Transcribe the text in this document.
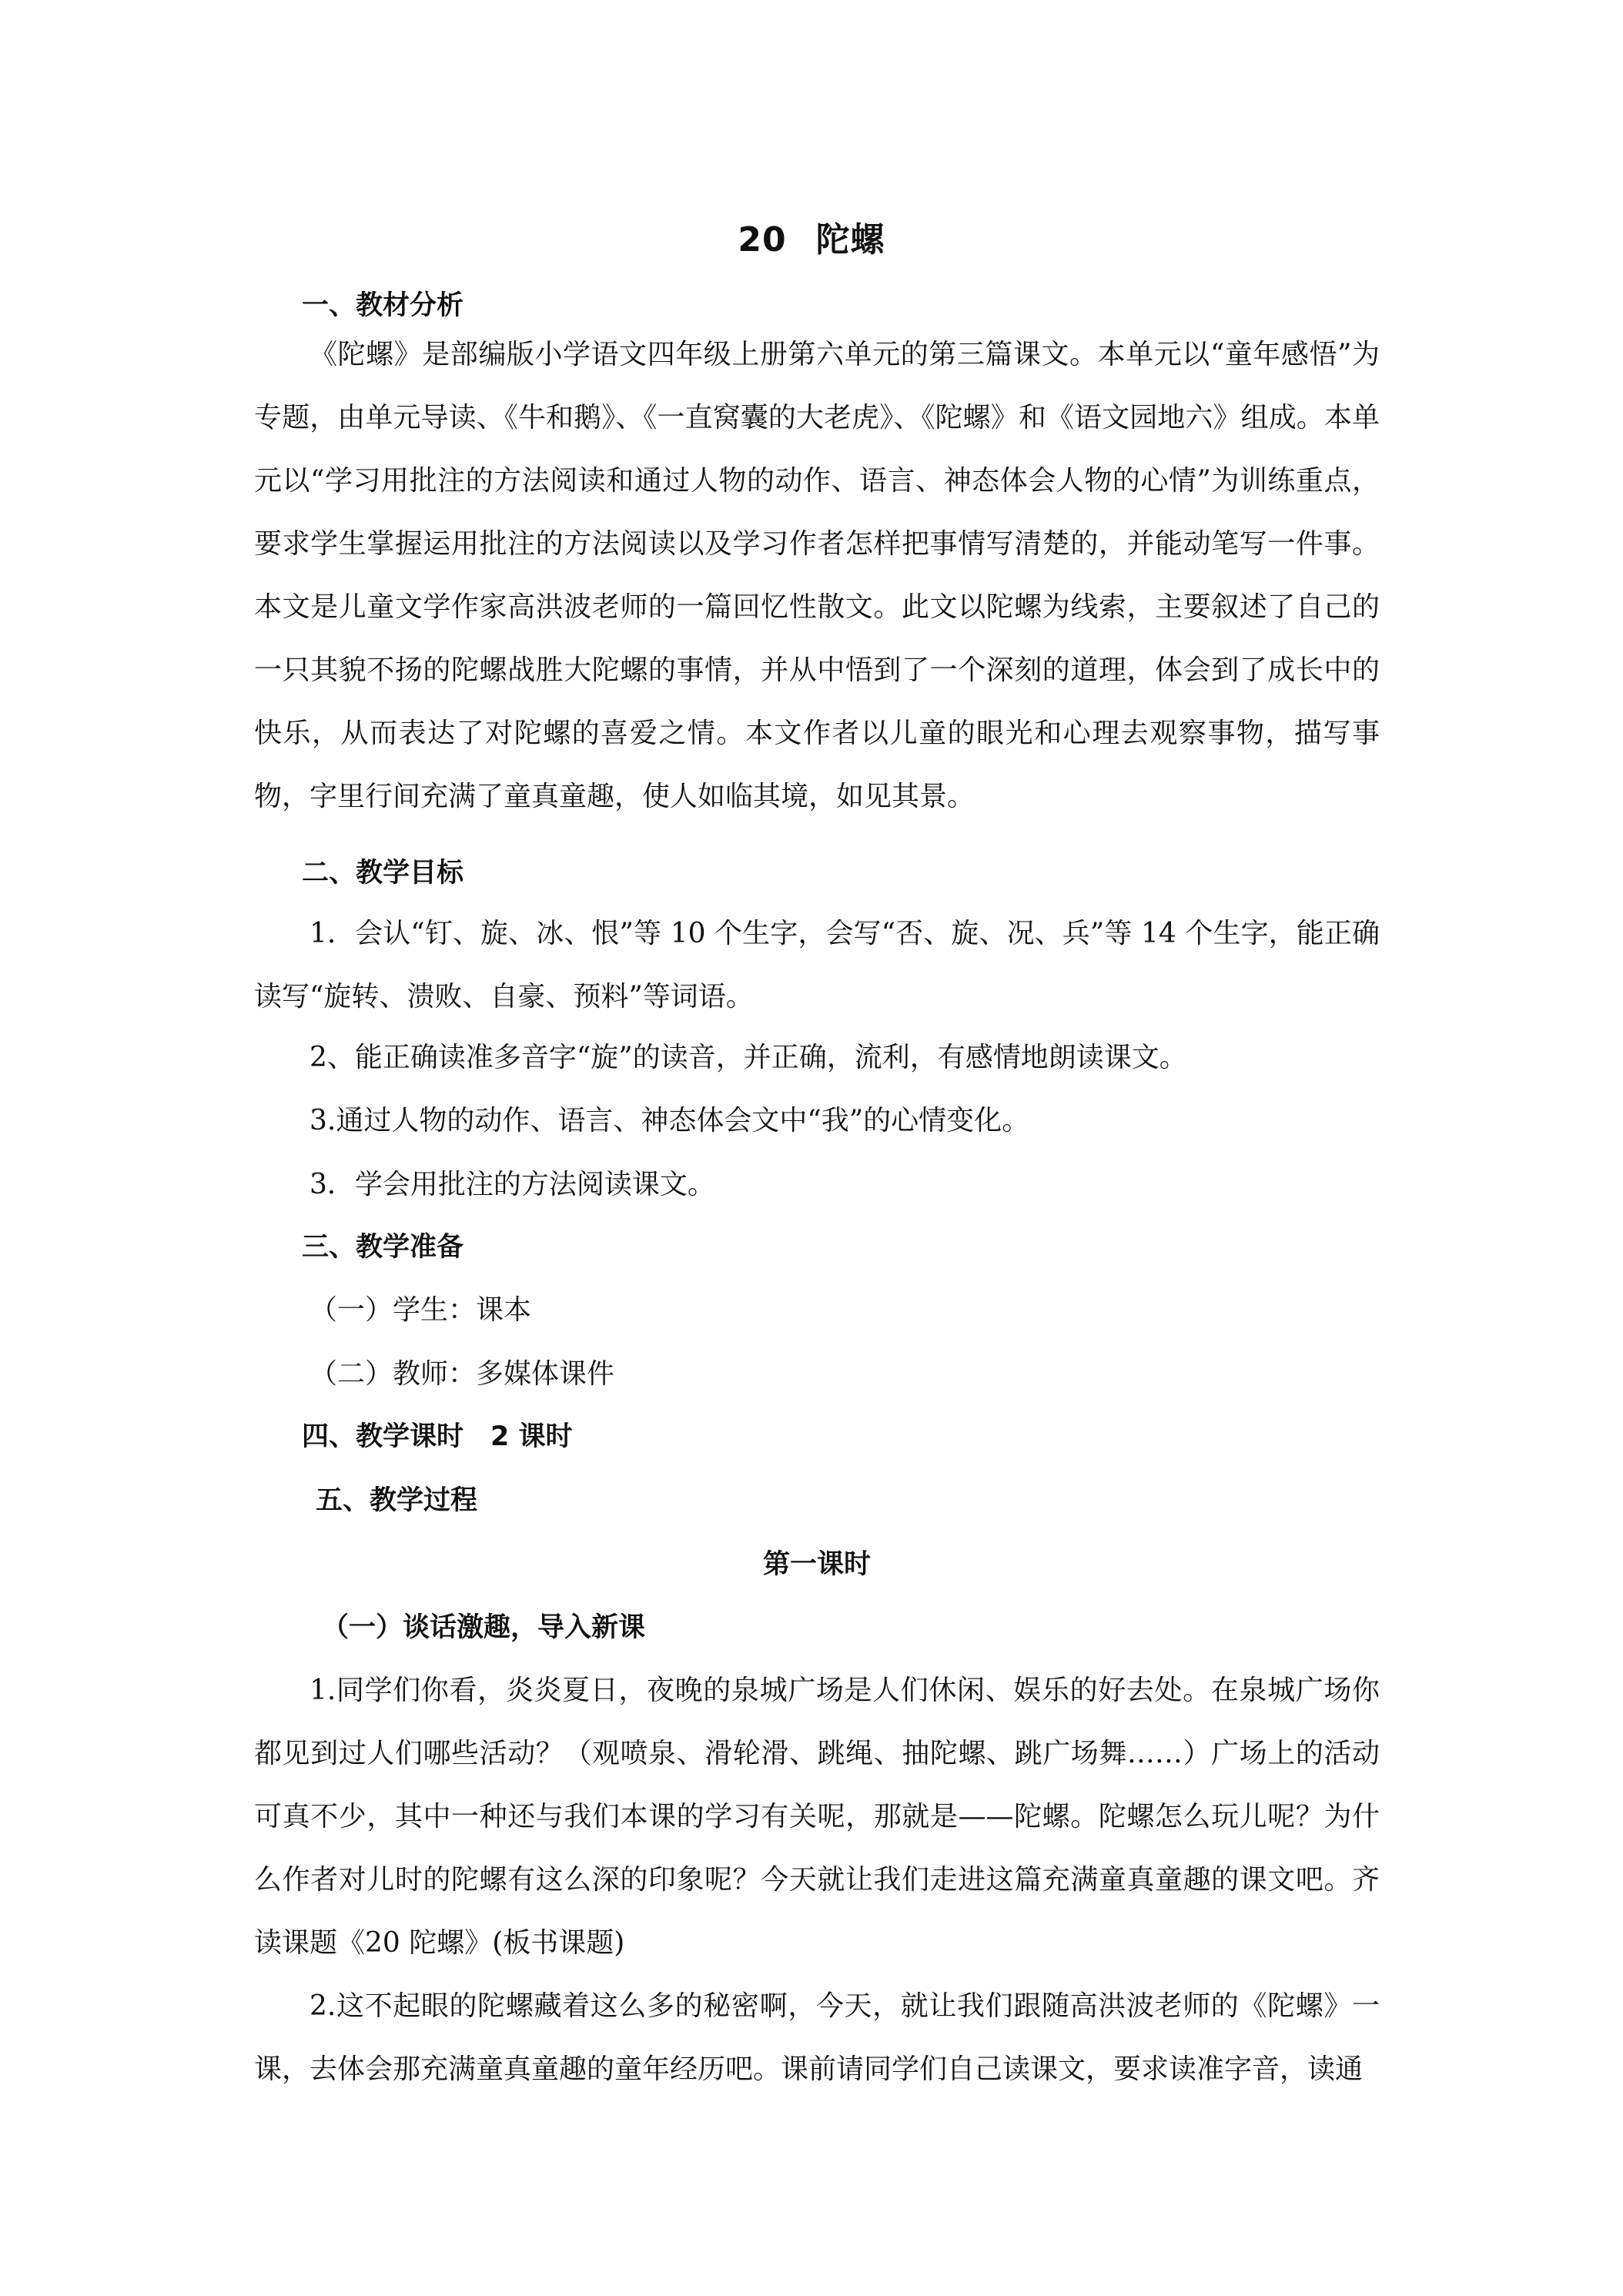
20 陀螺
一、教材分析

《陀螺》是部编版小学语文四年级上册第六单元的第三篇课文。本单元以“童年感悟”为专题，由单元导读、《牛和鹅》、《一直窝囊的大老虎》、《陀螺》和《语文园地六》组成。本单元以“学习用批注的方法阅读和通过人物的动作、语言、神态体会人物的心情”为训练重点，要求学生掌握运用批注的方法阅读以及学习作者怎样把事情写清楚的，并能动笔写一件事。本文是儿童文学作家高洪波老师的一篇回忆性散文。此文以陀螺为线索，主要叙述了自己的一只其貌不扬的陀螺战胜大陀螺的事情，并从中悟到了一个深刻的道理，体会到了成长中的快乐，从而表达了对陀螺的喜爱之情。本文作者以儿童的眼光和心理去观察事物，描写事物，字里行间充满了童真童趣，使人如临其境，如见其景。

二、教学目标

1．会认“钉、旋、冰、恨”等 10 个生字，会写“否、旋、况、兵”等 14 个生字，能正确读写“旋转、溃败、自豪、预料”等词语。

2、能正确读准多音字“旋”的读音，并正确，流利，有感情地朗读课文。
3.通过人物的动作、语言、神态体会文中“我”的心情变化。
3．学会用批注的方法阅读课文。
三、教学准备
（一）学生：课本
（二）教师：多媒体课件
四、教学课时　2 课时
五、教学过程
第一课时
（一）谈话激趣，导入新课

1.同学们你看，炎炎夏日，夜晚的泉城广场是人们休闲、娱乐的好去处。在泉城广场你都见到过人们哪些活动？（观喷泉、滑轮滑、跳绳、抽陀螺、跳广场舞……）广场上的活动可真不少，其中一种还与我们本课的学习有关呢，那就是——陀螺。陀螺怎么玩儿呢？为什么作者对儿时的陀螺有这么深的印象呢？今天就让我们走进这篇充满童真童趣的课文吧。齐读课题《20 陀螺》(板书课题)

2.这不起眼的陀螺藏着这么多的秘密啊，今天，就让我们跟随高洪波老师的《陀螺》一课，去体会那充满童真童趣的童年经历吧。课前请同学们自己读课文，要求读准字音，读通
